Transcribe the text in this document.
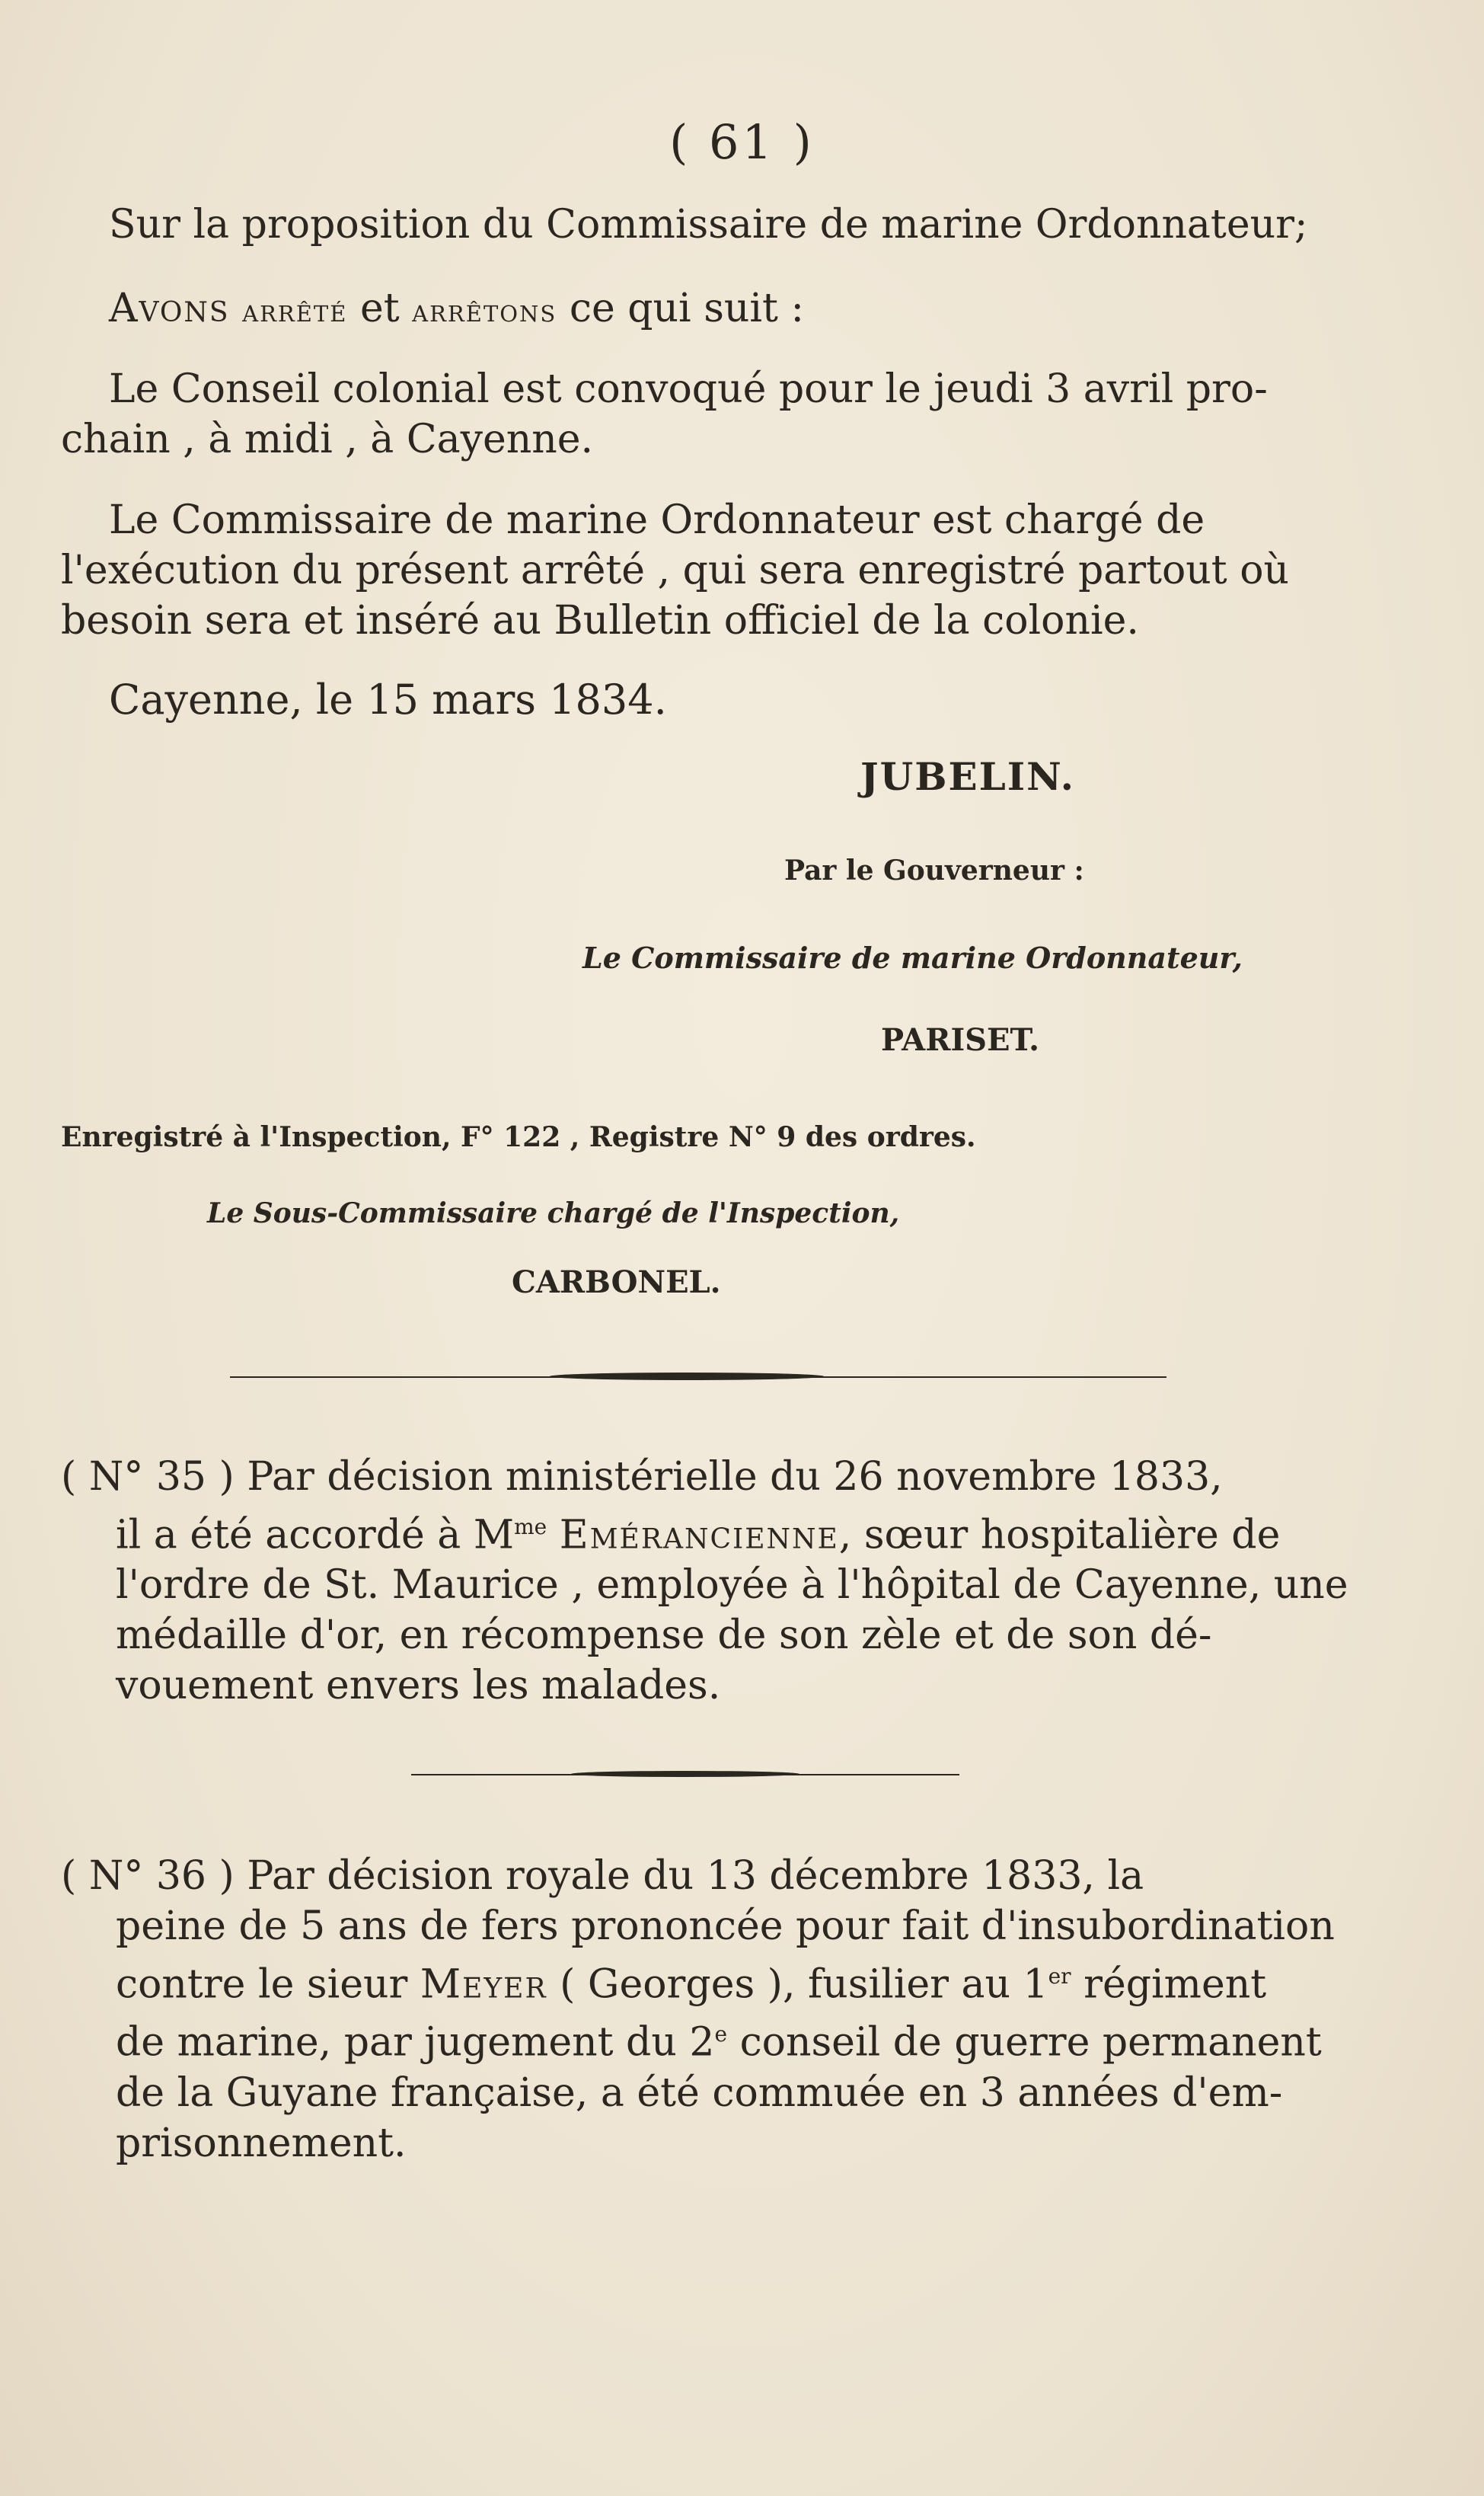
( 61 )
Sur la proposition du Commissaire de marine Ordonnateur;
Avons arrêté et arrêtons ce qui suit :
Le Conseil colonial est convoqué pour le jeudi 3 avril pro-
chain , à midi , à Cayenne.
Le Commissaire de marine Ordonnateur est chargé de
l'exécution du présent arrêté , qui sera enregistré partout où
besoin sera et inséré au Bulletin officiel de la colonie.
Cayenne, le 15 mars 1834.
JUBELIN.
Par le Gouverneur :
Le Commissaire de marine Ordonnateur,
PARISET.
Enregistré à l'Inspection, F° 122 , Registre N° 9 des ordres.
Le Sous-Commissaire chargé de l'Inspection,
CARBONEL.
( N° 35 ) Par décision ministérielle du 26 novembre 1833,
il a été accordé à $M^{me}$ Emérancienne, sœur hospitalière de
l'ordre de St. Maurice , employée à l'hôpital de Cayenne, une
médaille d'or, en récompense de son zèle et de son dé-
vouement envers les malades.
( N° 36 ) Par décision royale du 13 décembre 1833, la
peine de 5 ans de fers prononcée pour fait d'insubordination
contre le sieur Meyer ( Georges ), fusilier au 1er régiment
de marine, par jugement du 2e conseil de guerre permanent
de la Guyane française, a été commuée en 3 années d'em-
prisonnement.
